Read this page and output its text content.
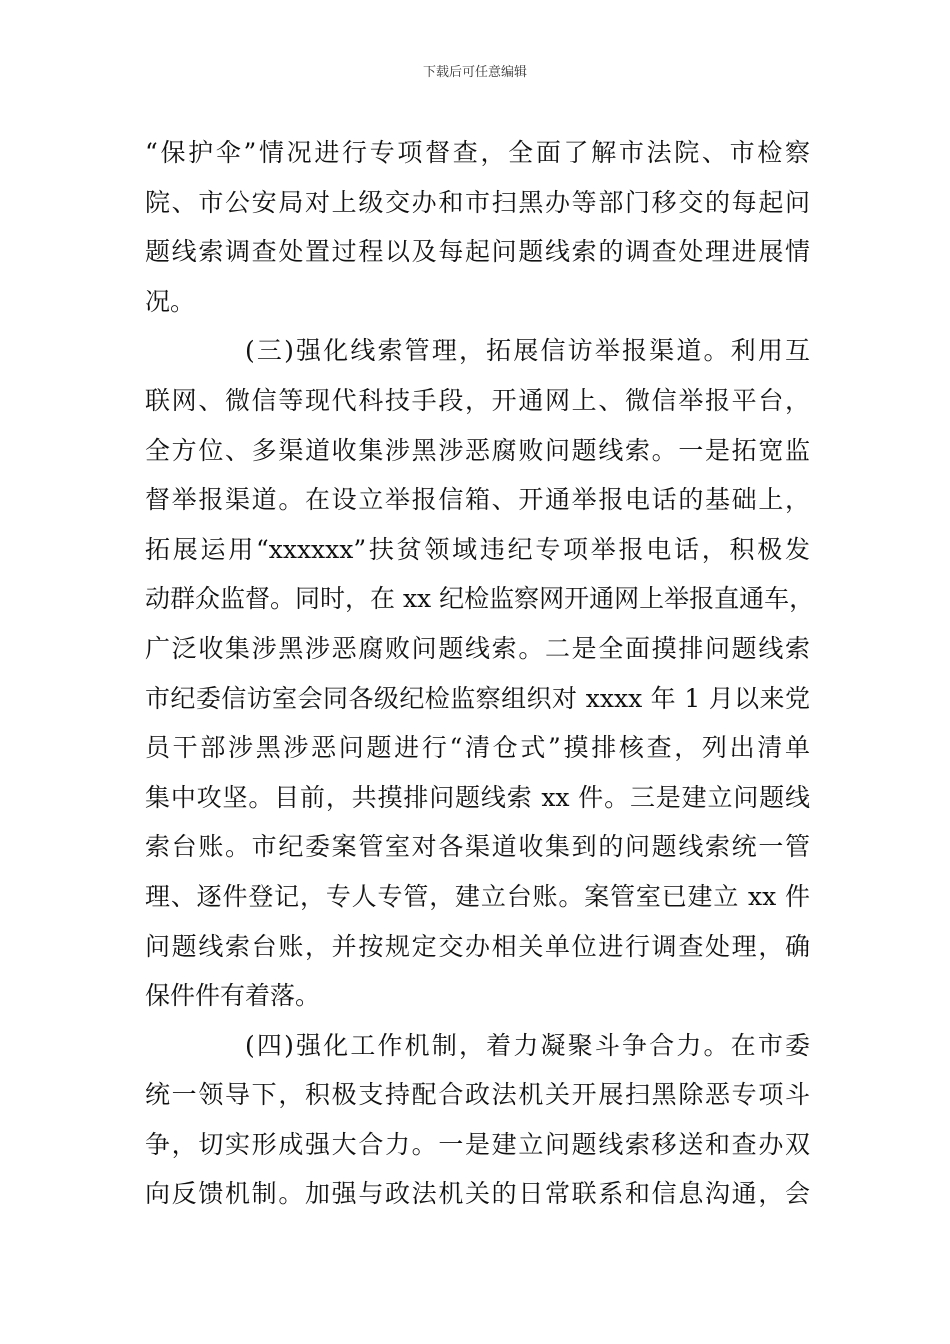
下载后可任意编辑
“保护伞”情况进行专项督查，全面了解市法院、市检察
院、市公安局对上级交办和市扫黑办等部门移交的每起问
题线索调查处置过程以及每起问题线索的调查处理进展情
况。
(三)强化线索管理，拓展信访举报渠道。利用互
联网、微信等现代科技手段，开通网上、微信举报平台，
全方位、多渠道收集涉黑涉恶腐败问题线索。一是拓宽监
督举报渠道。在设立举报信箱、开通举报电话的基础上，
拓展运用“xxxxxx”扶贫领域违纪专项举报电话，积极发
动群众监督。同时，在 xx 纪检监察网开通网上举报直通车，
广泛收集涉黑涉恶腐败问题线索。二是全面摸排问题线索
市纪委信访室会同各级纪检监察组织对 xxxx 年 1 月以来党
员干部涉黑涉恶问题进行“清仓式”摸排核查，列出清单
集中攻坚。目前，共摸排问题线索 xx 件。三是建立问题线
索台账。市纪委案管室对各渠道收集到的问题线索统一管
理、逐件登记，专人专管，建立台账。案管室已建立 xx 件
问题线索台账，并按规定交办相关单位进行调查处理，确
保件件有着落。
(四)强化工作机制，着力凝聚斗争合力。在市委
统一领导下，积极支持配合政法机关开展扫黑除恶专项斗
争，切实形成强大合力。一是建立问题线索移送和查办双
向反馈机制。加强与政法机关的日常联系和信息沟通，会
